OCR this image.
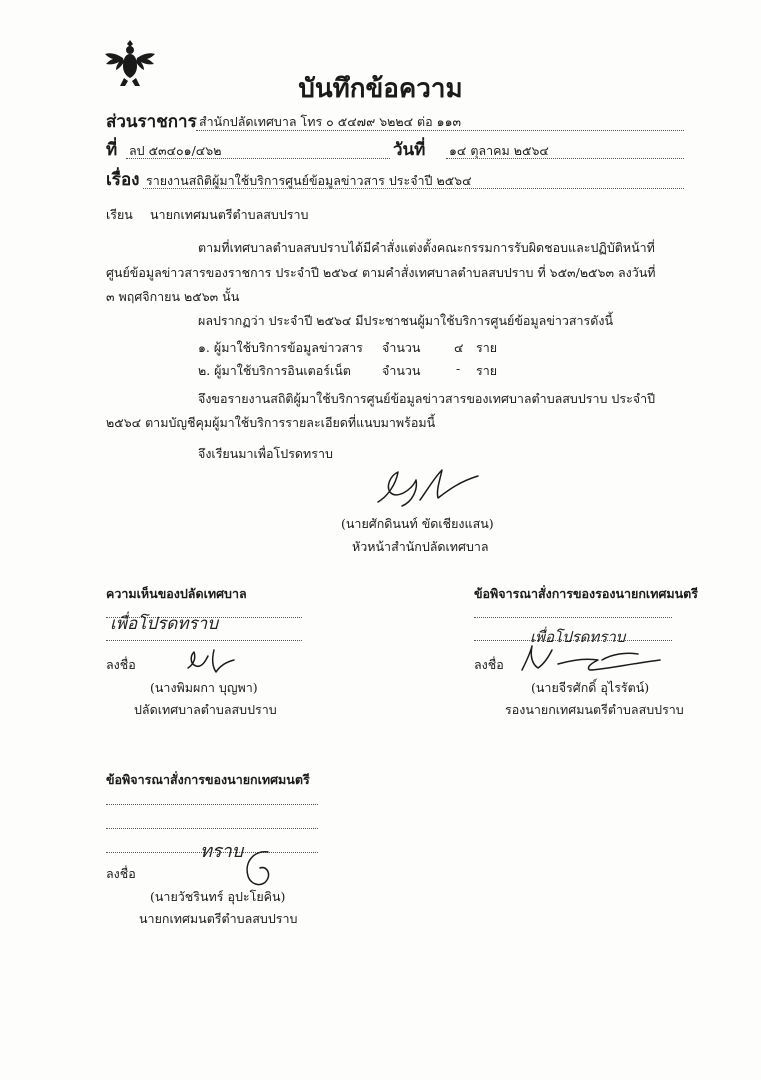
บันทึกข้อความ
ส่วนราชการ สำนักปลัดเทศบาล โทร ๐ ๕๔๗๙ ๖๒๒๔ ต่อ ๑๑๓
ที่ ลป ๕๓๔๐๑/๔๖๒	วันที่ ๑๔ ตุลาคม ๒๕๖๔
เรื่อง รายงานสถิติผู้มาใช้บริการศูนย์ข้อมูลข่าวสาร ประจำปี ๒๕๖๔
เรียน นายกเทศมนตรีตำบลสบปราบ
ตามที่เทศบาลตำบลสบปราบได้มีคำสั่งแต่งตั้งคณะกรรมการรับผิดชอบและปฏิบัติหน้าที่
ศูนย์ข้อมูลข่าวสารของราชการ ประจำปี ๒๕๖๔ ตามคำสั่งเทศบาลตำบลสบปราบ ที่ ๖๕๓/๒๕๖๓ ลงวันที่
๓ พฤศจิกายน ๒๕๖๓ นั้น
ผลปรากฏว่า ประจำปี ๒๕๖๔ มีประชาชนผู้มาใช้บริการศูนย์ข้อมูลข่าวสารดังนี้
๑. ผู้มาใช้บริการข้อมูลข่าวสาร จำนวน	๔ ราย
๒. ผู้มาใช้บริการอินเตอร์เน็ต จำนวน	- ราย
จึงขอรายงานสถิติผู้มาใช้บริการศูนย์ข้อมูลข่าวสารของเทศบาลตำบลสบปราบ ประจำปี
๒๕๖๔ ตามบัญชีคุมผู้มาใช้บริการรายละเอียดที่แนบมาพร้อมนี้
จึงเรียนมาเพื่อโปรดทราบ
(นายศักดินนท์ ขัดเชียงแสน)
หัวหน้าสำนักปลัดเทศบาล
ความเห็นของปลัดเทศบาล
เพื่อโปรดทราบ
ลงชื่อ
(นางพิมผกา บุญพา)
ปลัดเทศบาลตำบลสบปราบ
ข้อพิจารณาสั่งการของรองนายกเทศมนตรี
เพื่อโปรดทราบ
ลงชื่อ
(นายจีรศักดิ์ อุไรรัตน์)
รองนายกเทศมนตรีตำบลสบปราบ
ข้อพิจารณาสั่งการของนายกเทศมนตรี
ทราบ
ลงชื่อ
(นายวัชรินทร์ อุปะโยคิน)
นายกเทศมนตรีตำบลสบปราบ
